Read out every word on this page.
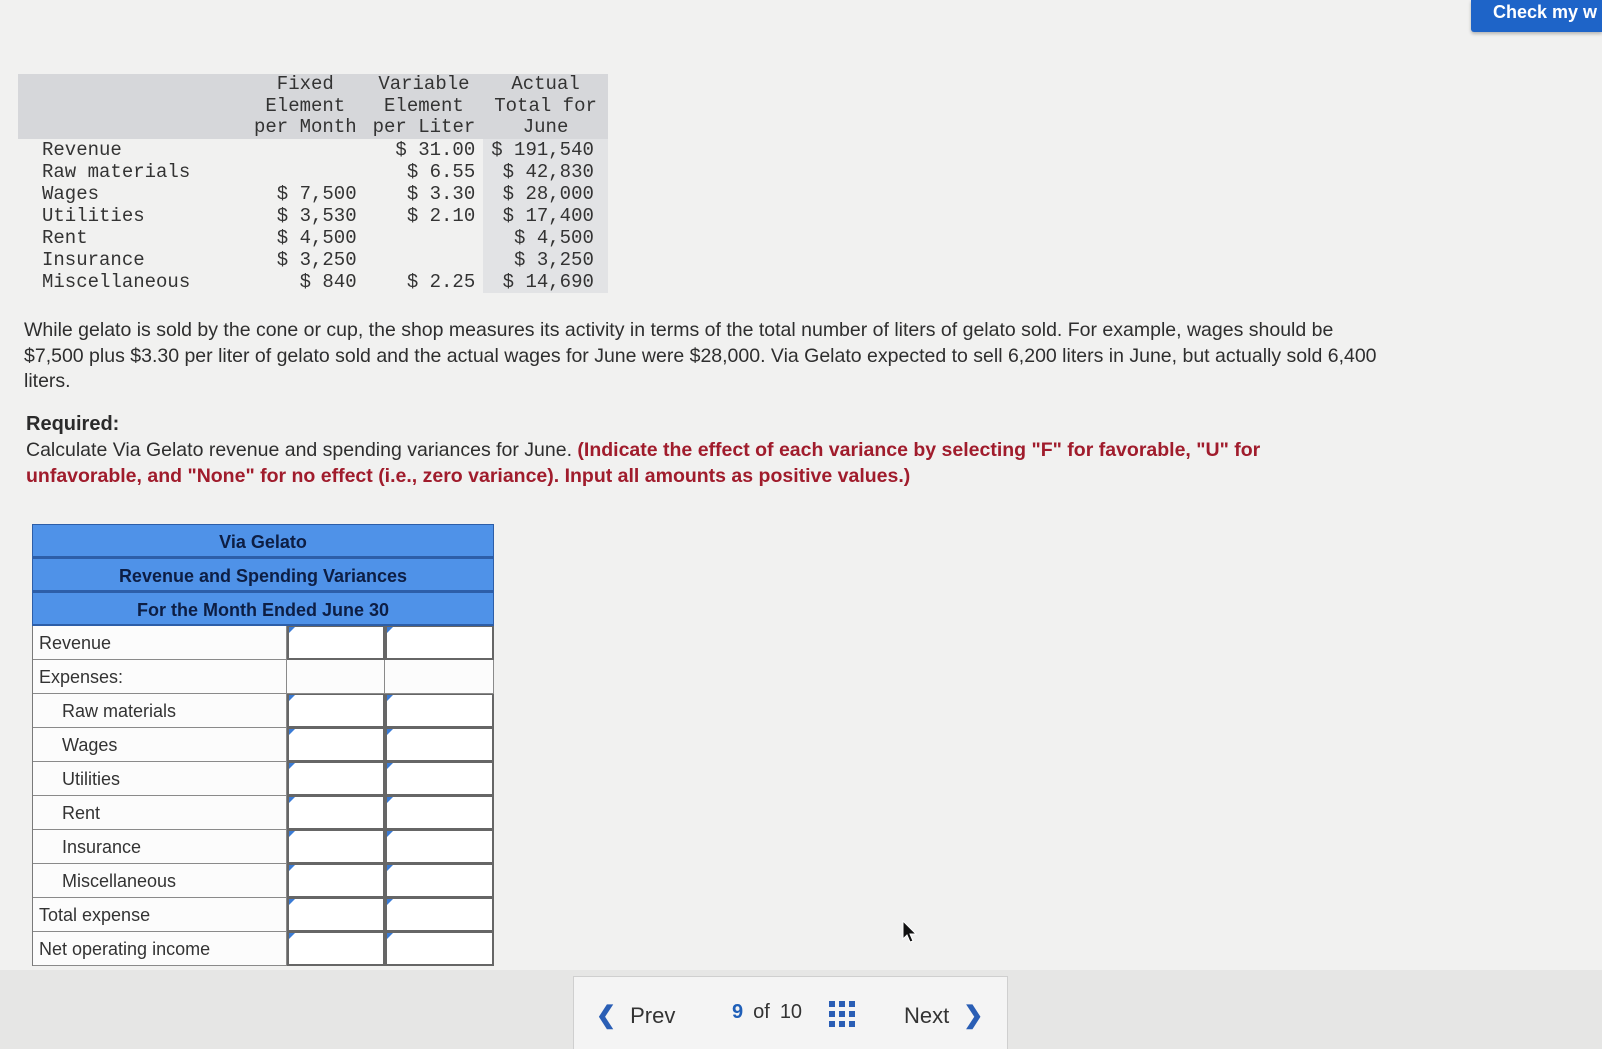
Check my w
	Fixed
Element
per Month	Variable
Element
per Liter	Actual
Total for
June
Revenue		$ 31.00	$ 191,540
Raw materials		$ 6.55	$ 42,830
Wages	$ 7,500	$ 3.30	$ 28,000
Utilities	$ 3,530	$ 2.10	$ 17,400
Rent	$ 4,500		$ 4,500
Insurance	$ 3,250		$ 3,250
Miscellaneous	$ 840	$ 2.25	$ 14,690
While gelato is sold by the cone or cup, the shop measures its activity in terms of the total number of liters of gelato sold. For example, wages should be $7,500 plus $3.30 per liter of gelato sold and the actual wages for June were $28,000. Via Gelato expected to sell 6,200 liters in June, but actually sold 6,400 liters.
Required:
Calculate Via Gelato revenue and spending variances for June. (Indicate the effect of each variance by selecting "F" for favorable, "U" for unfavorable, and "None" for no effect (i.e., zero variance). Input all amounts as positive values.)
Via Gelato
Revenue and Spending Variances
For the Month Ended June 30
Revenue
Expenses:
Raw materials
Wages
Utilities
Rent
Insurance
Miscellaneous
Total expense
Net operating income
❮ Prev	9 of 10	Next ❯
